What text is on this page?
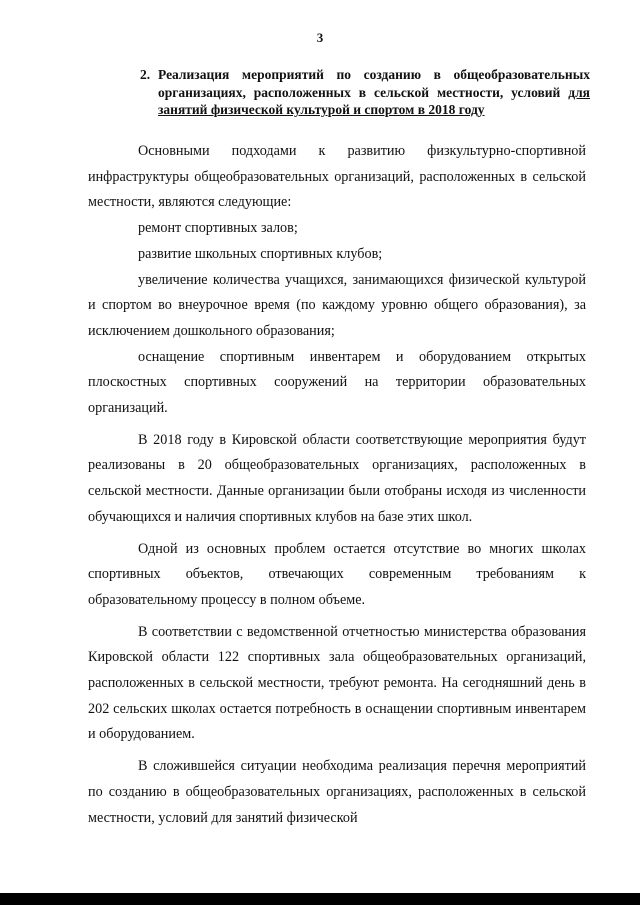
3
2. Реализация мероприятий по созданию в общеобразовательных организациях, расположенных в сельской местности, условий для занятий физической культурой и спортом в 2018 году

Основными подходами к развитию физкультурно-спортивной инфраструктуры общеобразовательных организаций, расположенных в сельской местности, являются следующие:

ремонт спортивных залов;

развитие школьных спортивных клубов;

увеличение количества учащихся, занимающихся физической культурой и спортом во внеурочное время (по каждому уровню общего образования), за исключением дошкольного образования;

оснащение спортивным инвентарем и оборудованием открытых плоскостных спортивных сооружений на территории образовательных организаций.

В 2018 году в Кировской области соответствующие мероприятия будут реализованы в 20 общеобразовательных организациях, расположенных в сельской местности. Данные организации были отобраны исходя из численности обучающихся и наличия спортивных клубов на базе этих школ.

Одной из основных проблем остается отсутствие во многих школах спортивных объектов, отвечающих современным требованиям к образовательному процессу в полном объеме.

В соответствии с ведомственной отчетностью министерства образования Кировской области 122 спортивных зала общеобразовательных организаций, расположенных в сельской местности, требуют ремонта. На сегодняшний день в 202 сельских школах остается потребность в оснащении спортивным инвентарем и оборудованием.

В сложившейся ситуации необходима реализация перечня мероприятий по созданию в общеобразовательных организациях, расположенных в сельской местности, условий для занятий физической
